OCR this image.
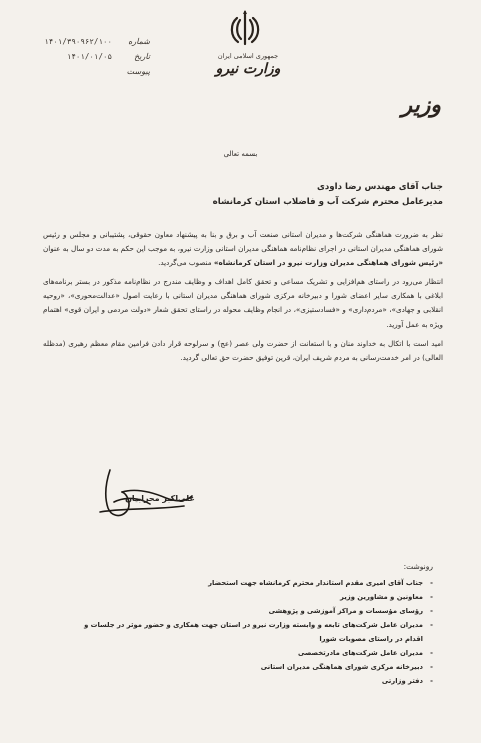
جمهوری اسلامی ایران
وزارت نیرو
شماره
۱۴۰۱/۳۹۰۹۶۲/۱۰۰
تاریخ
۱۴۰۱/۰۱/۰۵
پیوست
وزیر
بسمه تعالی
جناب آقای مهندس رضا داودی
مدیرعامل محترم شرکت آب و فاضلاب استان کرمانشاه

نظر به ضرورت هماهنگی شرکت‌ها و مدیران استانی صنعت آب و برق و بنا به پیشنهاد معاون حقوقی، پشتیبانی و مجلس و رئیس شورای هماهنگی مدیران استانی در اجرای نظام‌نامه هماهنگی مدیران استانی وزارت نیرو، به موجب این حکم به مدت دو سال به عنوان «رئیس شورای هماهنگی مدیران وزارت نیرو در استان کرمانشاه» منصوب می‌گردید.

انتظار می‌رود در راستای هم‌افزایی و تشریک مساعی و تحقق کامل اهداف و وظایف مندرج در نظام‌نامه مذکور در بستر برنامه‌های ابلاغی با همکاری سایر اعضای شورا و دبیرخانه مرکزی شورای هماهنگی مدیران استانی با رعایت اصول «عدالت‌محوری»، «روحیه انقلابی و جهادی»، «مردم‌داری» و «فسادستیزی»، در انجام وظایف محوله در راستای تحقق شعار «دولت مردمی و ایران قوی» اهتمام ویژه به عمل آورید.

امید است با اتکال به خداوند منان و با استعانت از حضرت ولی عصر (عج) و سرلوحه قرار دادن فرامین مقام معظم رهبری (مدظله العالی) در امر خدمت‌رسانی به مردم شریف ایران، قرین توفیق حضرت حق تعالی گردید.

علی‌اکبر محرابیان
رونوشت:
- جناب آقای امیری مقدم استاندار محترم کرمانشاه جهت استحضار
- معاونین و مشاورین وزیر
- رؤسای مؤسسات و مراکز آموزشی و پژوهشی
- مدیران عامل شرکت‌های تابعه و وابسته وزارت نیرو در استان جهت همکاری و حضور موثر در جلسات و اقدام در راستای مصوبات شورا
- مدیران عامل شرکت‌های مادرتخصصی
- دبیرخانه مرکزی شورای هماهنگی مدیران استانی
- دفتر وزارتی
